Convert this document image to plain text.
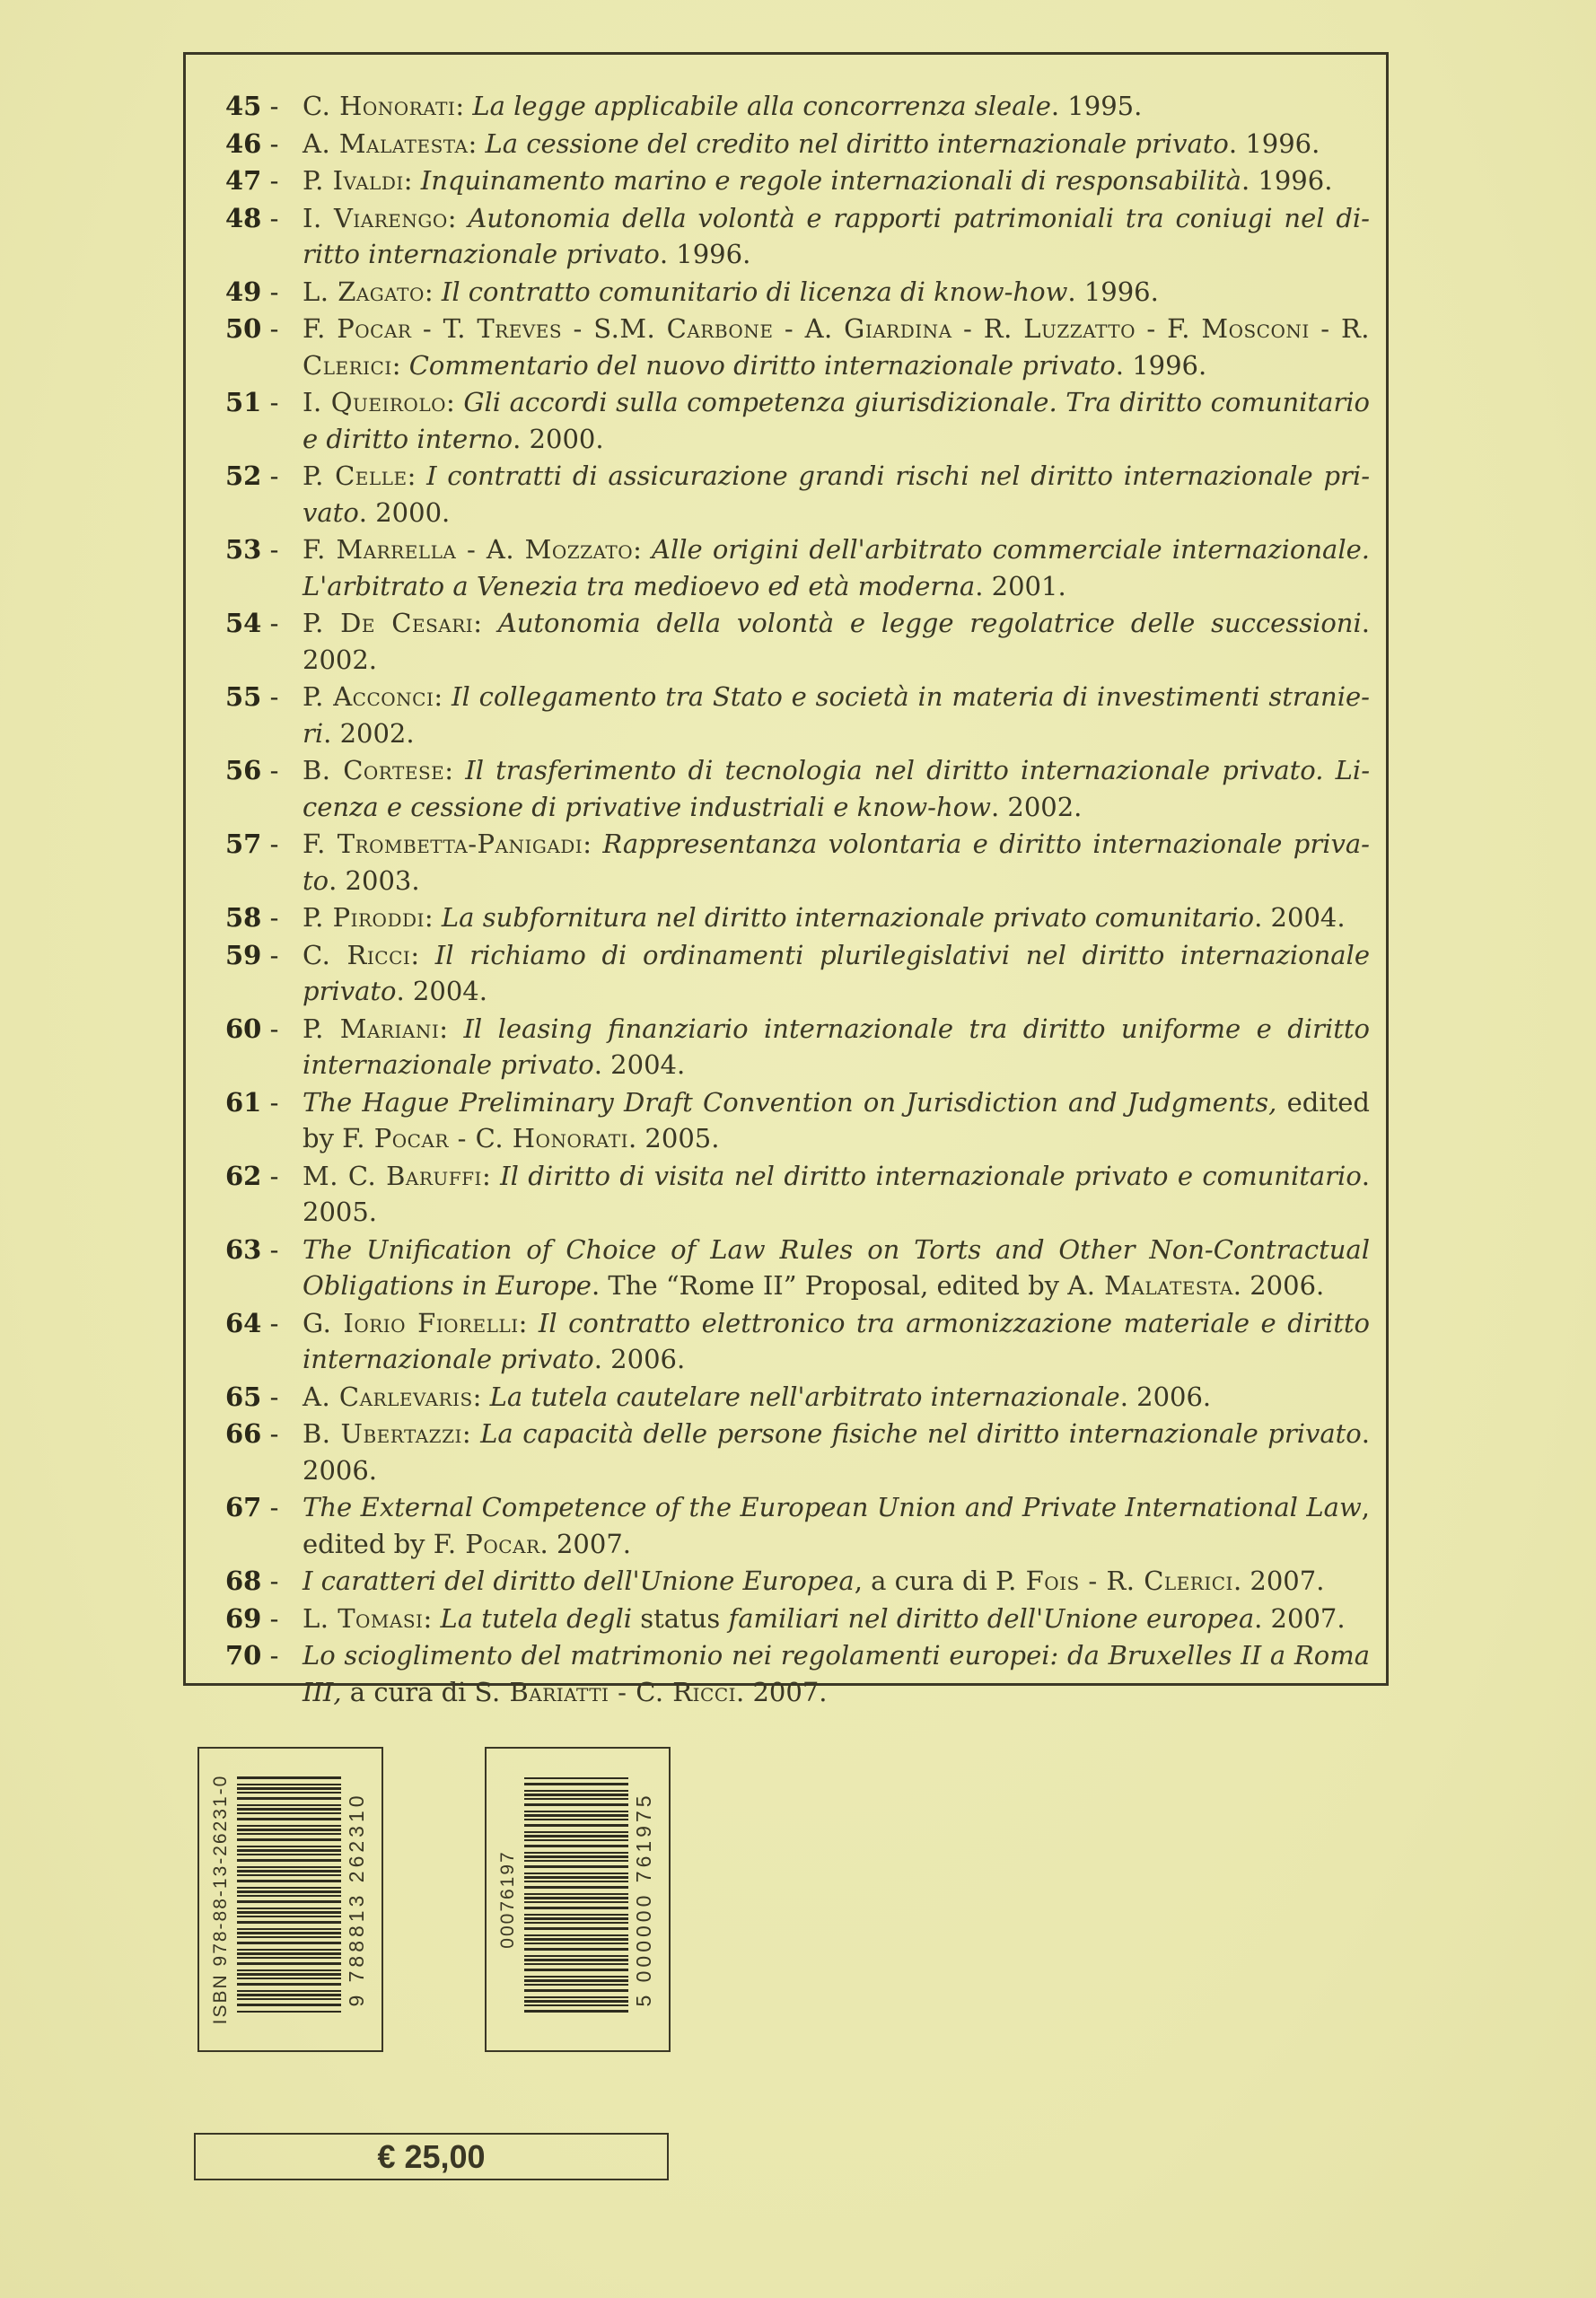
45 - C. Honorati: La legge applicabile alla concorrenza sleale. 1995.
46 - A. Malatesta: La cessione del credito nel diritto internazionale privato. 1996.
47 - P. Ivaldi: Inquinamento marino e regole internazionali di responsabilità. 1996.
48 - I. Viarengo: Autonomia della volontà e rapporti patrimoniali tra coniugi nel diritto internazionale privato. 1996.
49 - L. Zagato: Il contratto comunitario di licenza di know-how. 1996.
50 - F. Pocar - T. Treves - S.M. Carbone - A. Giardina - R. Luzzatto - F. Mosconi - R. Clerici: Commentario del nuovo diritto internazionale privato. 1996.
51 - I. Queirolo: Gli accordi sulla competenza giurisdizionale. Tra diritto comunitario e diritto interno. 2000.
52 - P. Celle: I contratti di assicurazione grandi rischi nel diritto internazionale privato. 2000.
53 - F. Marrella - A. Mozzato: Alle origini dell'arbitrato commerciale internazionale. L'arbitrato a Venezia tra medioevo ed età moderna. 2001.
54 - P. De Cesari: Autonomia della volontà e legge regolatrice delle successioni. 2002.
55 - P. Acconci: Il collegamento tra Stato e società in materia di investimenti stranieri. 2002.
56 - B. Cortese: Il trasferimento di tecnologia nel diritto internazionale privato. Licenza e cessione di privative industriali e know-how. 2002.
57 - F. Trombetta-Panigadi: Rappresentanza volontaria e diritto internazionale privato. 2003.
58 - P. Piroddi: La subfornitura nel diritto internazionale privato comunitario. 2004.
59 - C. Ricci: Il richiamo di ordinamenti plurilegislativi nel diritto internazionale privato. 2004.
60 - P. Mariani: Il leasing finanziario internazionale tra diritto uniforme e diritto internazionale privato. 2004.
61 - The Hague Preliminary Draft Convention on Jurisdiction and Judgments, edited by F. Pocar - C. Honorati. 2005.
62 - M. C. Baruffi: Il diritto di visita nel diritto internazionale privato e comunitario. 2005.
63 - The Unification of Choice of Law Rules on Torts and Other Non-Contractual Obligations in Europe. The “Rome II” Proposal, edited by A. Malatesta. 2006.
64 - G. Iorio Fiorelli: Il contratto elettronico tra armonizzazione materiale e diritto internazionale privato. 2006.
65 - A. Carlevaris: La tutela cautelare nell'arbitrato internazionale. 2006.
66 - B. Ubertazzi: La capacità delle persone fisiche nel diritto internazionale privato. 2006.
67 - The External Competence of the European Union and Private International Law, edited by F. Pocar. 2007.
68 - I caratteri del diritto dell'Unione Europea, a cura di P. Fois - R. Clerici. 2007.
69 - L. Tomasi: La tutela degli status familiari nel diritto dell'Unione europea. 2007.
70 - Lo scioglimento del matrimonio nei regolamenti europei: da Bruxelles II a Roma III, a cura di S. Bariatti - C. Ricci. 2007.
ISBN 978-88-13-26231-0	9 788813 262310	00076197	5 000000 761975
€ 25,00
